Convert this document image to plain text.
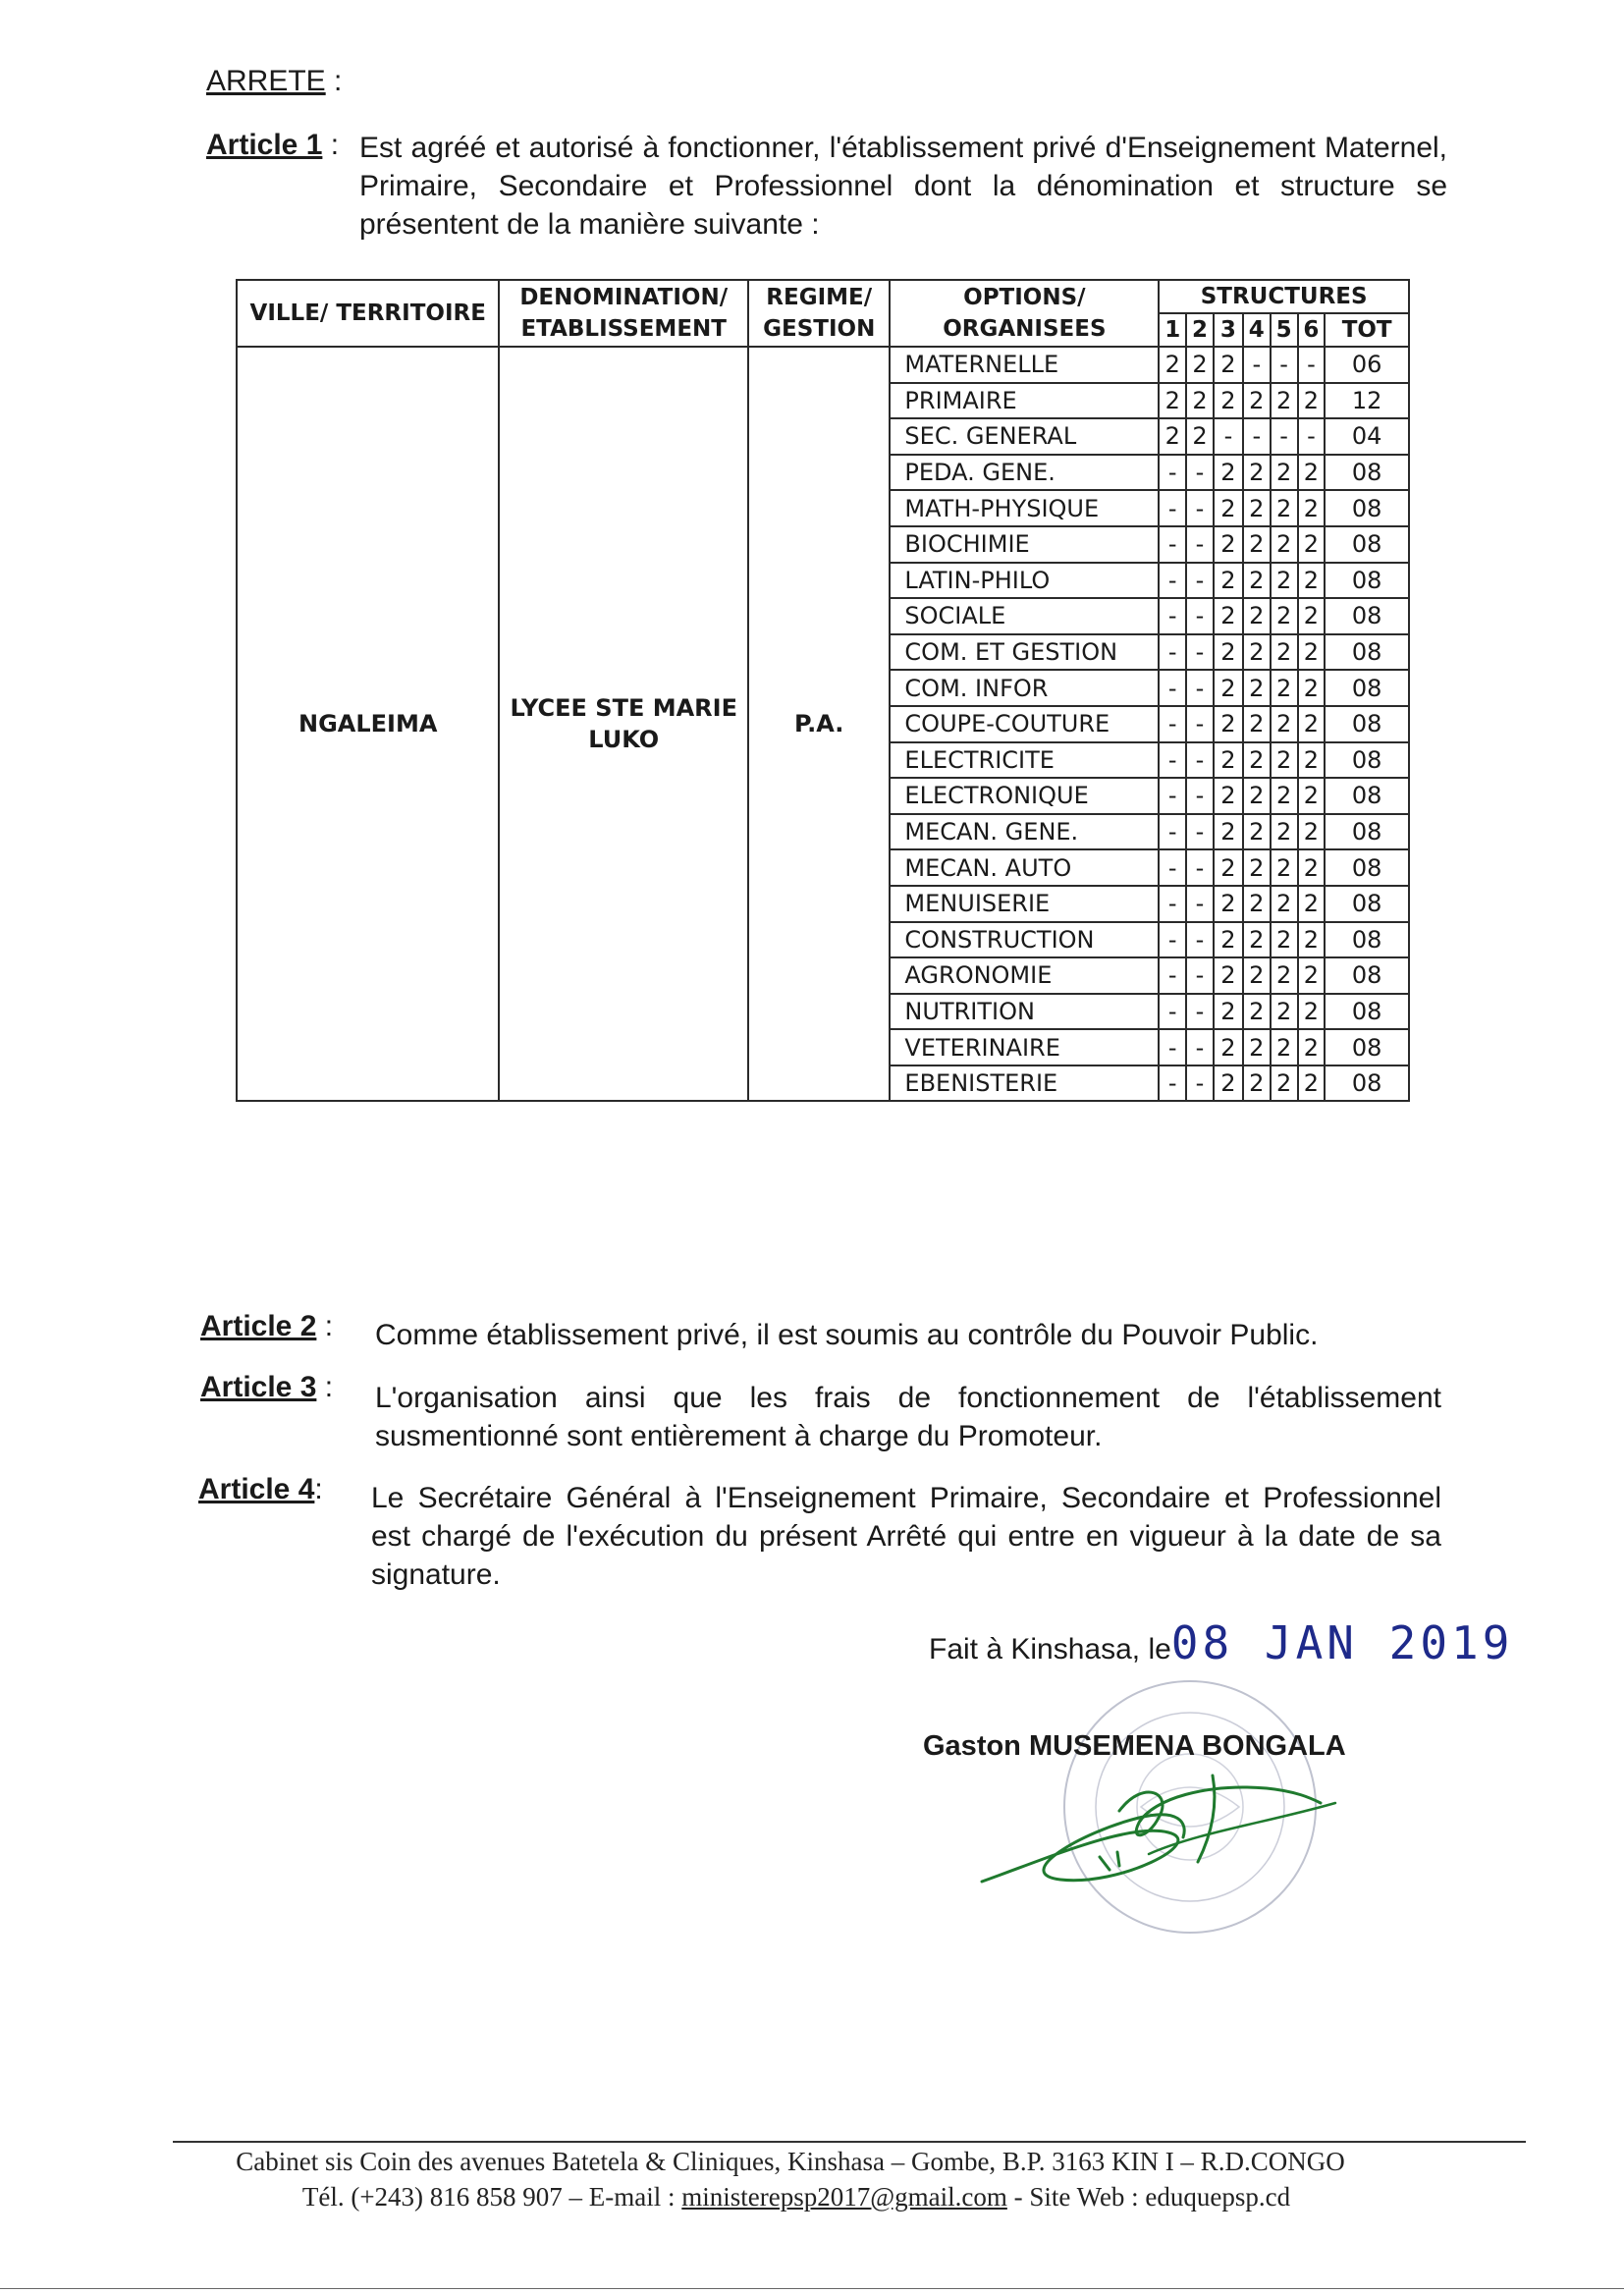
ARRETE :
Article 1 : Est agréé et autorisé à fonctionner, l'établissement privé d'Enseignement Maternel, Primaire, Secondaire et Professionnel dont la dénomination et structure se présentent de la manière suivante :
VILLE/ TERRITOIRE	DENOMINATION/ ETABLISSEMENT	REGIME/ GESTION	OPTIONS/ ORGANISEES	STRUCTURES						
				1	2	3	4	5	6	TOT
NGALEIMA	LYCEE STE MARIE LUKO	P.A.	MATERNELLE	2	2	2	-	-	-	06
			PRIMAIRE	2	2	2	2	2	2	12
			SEC. GENERAL	2	2	-	-	-	-	04
			PEDA. GENE.	-	-	2	2	2	2	08
			MATH-PHYSIQUE	-	-	2	2	2	2	08
			BIOCHIMIE	-	-	2	2	2	2	08
			LATIN-PHILO	-	-	2	2	2	2	08
			SOCIALE	-	-	2	2	2	2	08
			COM. ET GESTION	-	-	2	2	2	2	08
			COM. INFOR	-	-	2	2	2	2	08
			COUPE-COUTURE	-	-	2	2	2	2	08
			ELECTRICITE	-	-	2	2	2	2	08
			ELECTRONIQUE	-	-	2	2	2	2	08
			MECAN. GENE.	-	-	2	2	2	2	08
			MECAN. AUTO	-	-	2	2	2	2	08
			MENUISERIE	-	-	2	2	2	2	08
			CONSTRUCTION	-	-	2	2	2	2	08
			AGRONOMIE	-	-	2	2	2	2	08
			NUTRITION	-	-	2	2	2	2	08
			VETERINAIRE	-	-	2	2	2	2	08
			EBENISTERIE	-	-	2	2	2	2	08
Article 2 : Comme établissement privé, il est soumis au contrôle du Pouvoir Public.
Article 3 : L'organisation ainsi que les frais de fonctionnement de l'établissement susmentionné sont entièrement à charge du Promoteur.
Article 4: Le Secrétaire Général à l'Enseignement Primaire, Secondaire et Professionnel est chargé de l'exécution du présent Arrêté qui entre en vigueur à la date de sa signature.
Fait à Kinshasa, le08 JAN 2019
Gaston MUSEMENA BONGALA
Cabinet sis Coin des avenues Batetela & Cliniques, Kinshasa – Gombe, B.P. 3163 KIN I – R.D.CONGO
Tél. (+243) 816 858 907 – E-mail : ministerepsp2017@gmail.com - Site Web : eduquepsp.cd
